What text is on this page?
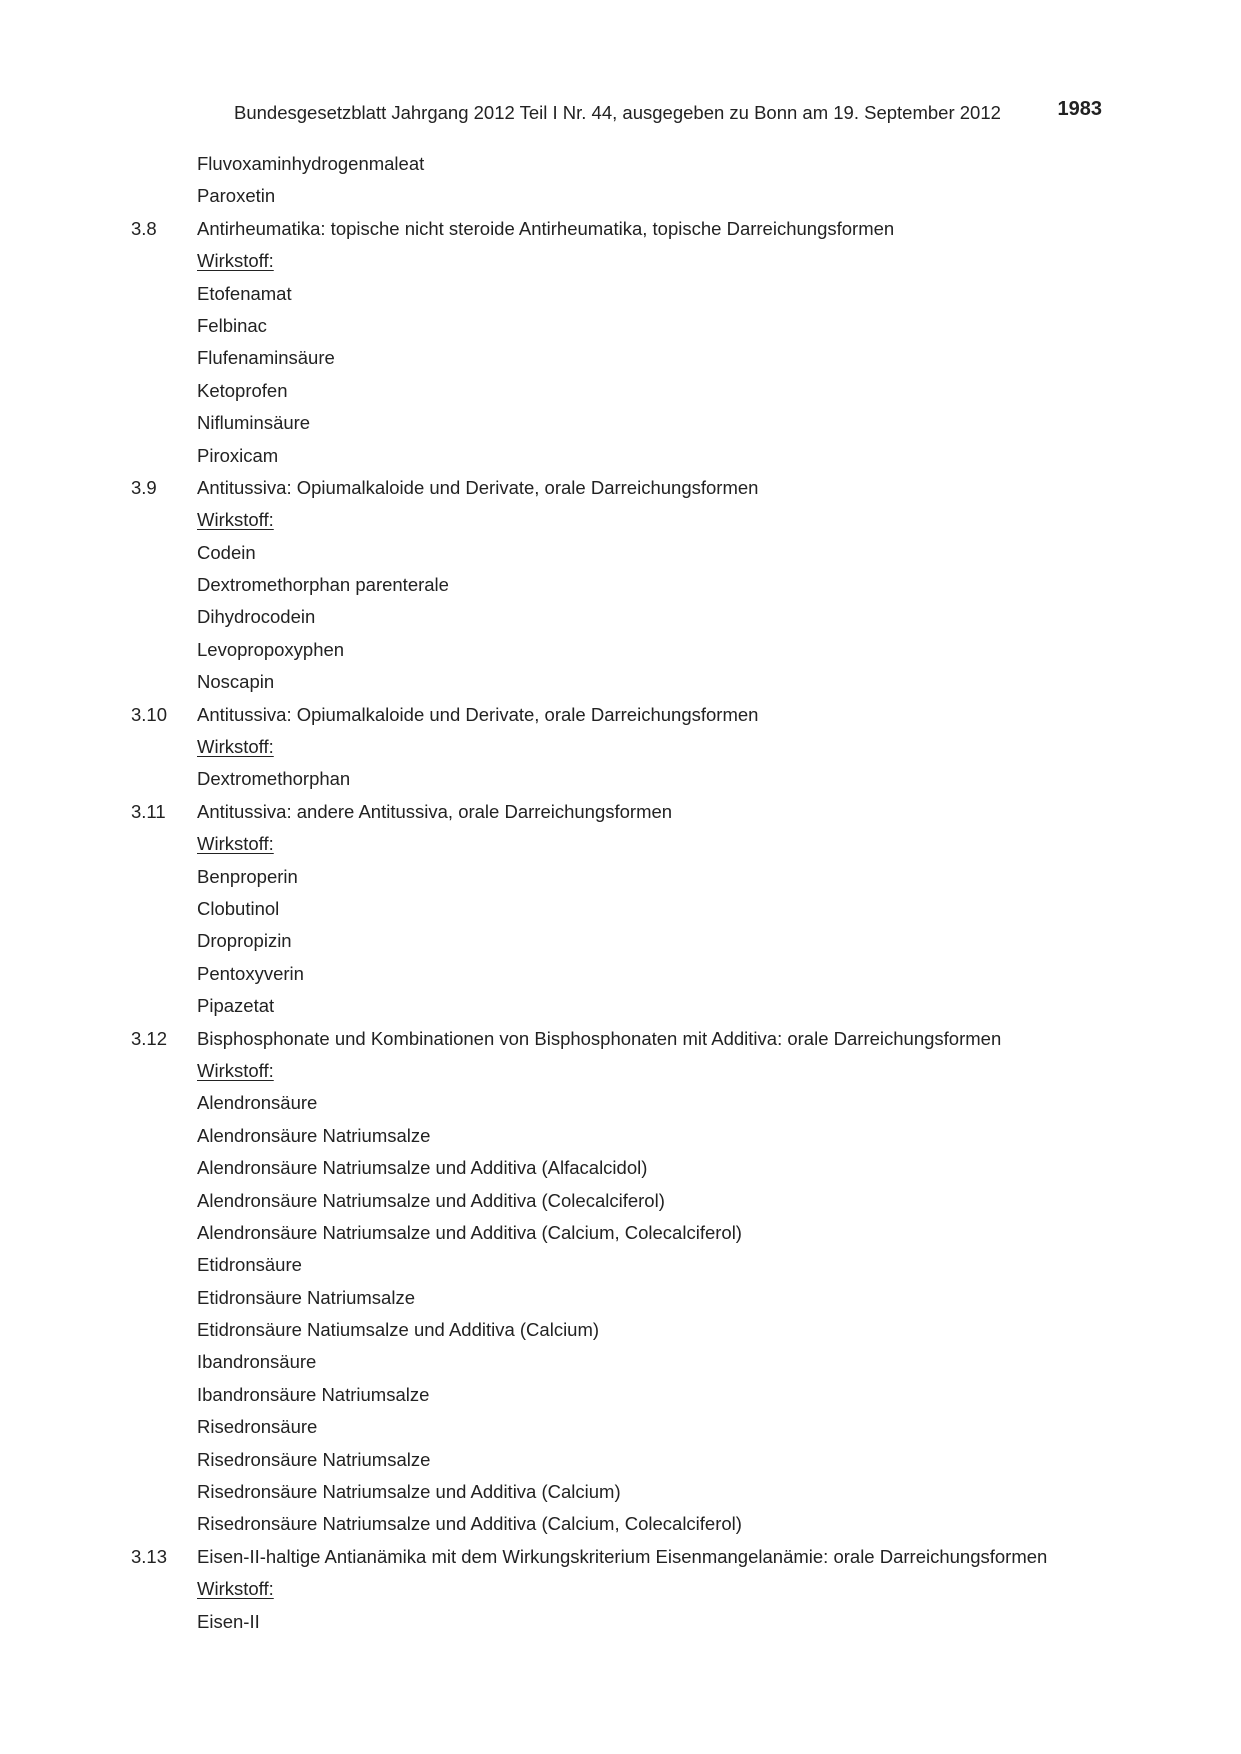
Bundesgesetzblatt Jahrgang 2012 Teil I Nr. 44, ausgegeben zu Bonn am 19. September 2012	1983
Fluvoxaminhydrogenmaleat
Paroxetin
3.8 Antirheumatika: topische nicht steroide Antirheumatika, topische Darreichungsformen
Wirkstoff:
Etofenamat
Felbinac
Flufenaminsäure
Ketoprofen
Nifluminsäure
Piroxicam
3.9 Antitussiva: Opiumalkaloide und Derivate, orale Darreichungsformen
Wirkstoff:
Codein
Dextromethorphan parenterale
Dihydrocodein
Levopropoxyphen
Noscapin
3.10 Antitussiva: Opiumalkaloide und Derivate, orale Darreichungsformen
Wirkstoff:
Dextromethorphan
3.11 Antitussiva: andere Antitussiva, orale Darreichungsformen
Wirkstoff:
Benproperin
Clobutinol
Dropropizin
Pentoxyverin
Pipazetat
3.12 Bisphosphonate und Kombinationen von Bisphosphonaten mit Additiva: orale Darreichungsformen
Wirkstoff:
Alendronsäure
Alendronsäure Natriumsalze
Alendronsäure Natriumsalze und Additiva (Alfacalcidol)
Alendronsäure Natriumsalze und Additiva (Colecalciferol)
Alendronsäure Natriumsalze und Additiva (Calcium, Colecalciferol)
Etidronsäure
Etidronsäure Natriumsalze
Etidronsäure Natiumsalze und Additiva (Calcium)
Ibandronsäure
Ibandronsäure Natriumsalze
Risedronsäure
Risedronsäure Natriumsalze
Risedronsäure Natriumsalze und Additiva (Calcium)
Risedronsäure Natriumsalze und Additiva (Calcium, Colecalciferol)
3.13 Eisen-II-haltige Antianämika mit dem Wirkungskriterium Eisenmangelanämie: orale Darreichungsformen
Wirkstoff:
Eisen-II
